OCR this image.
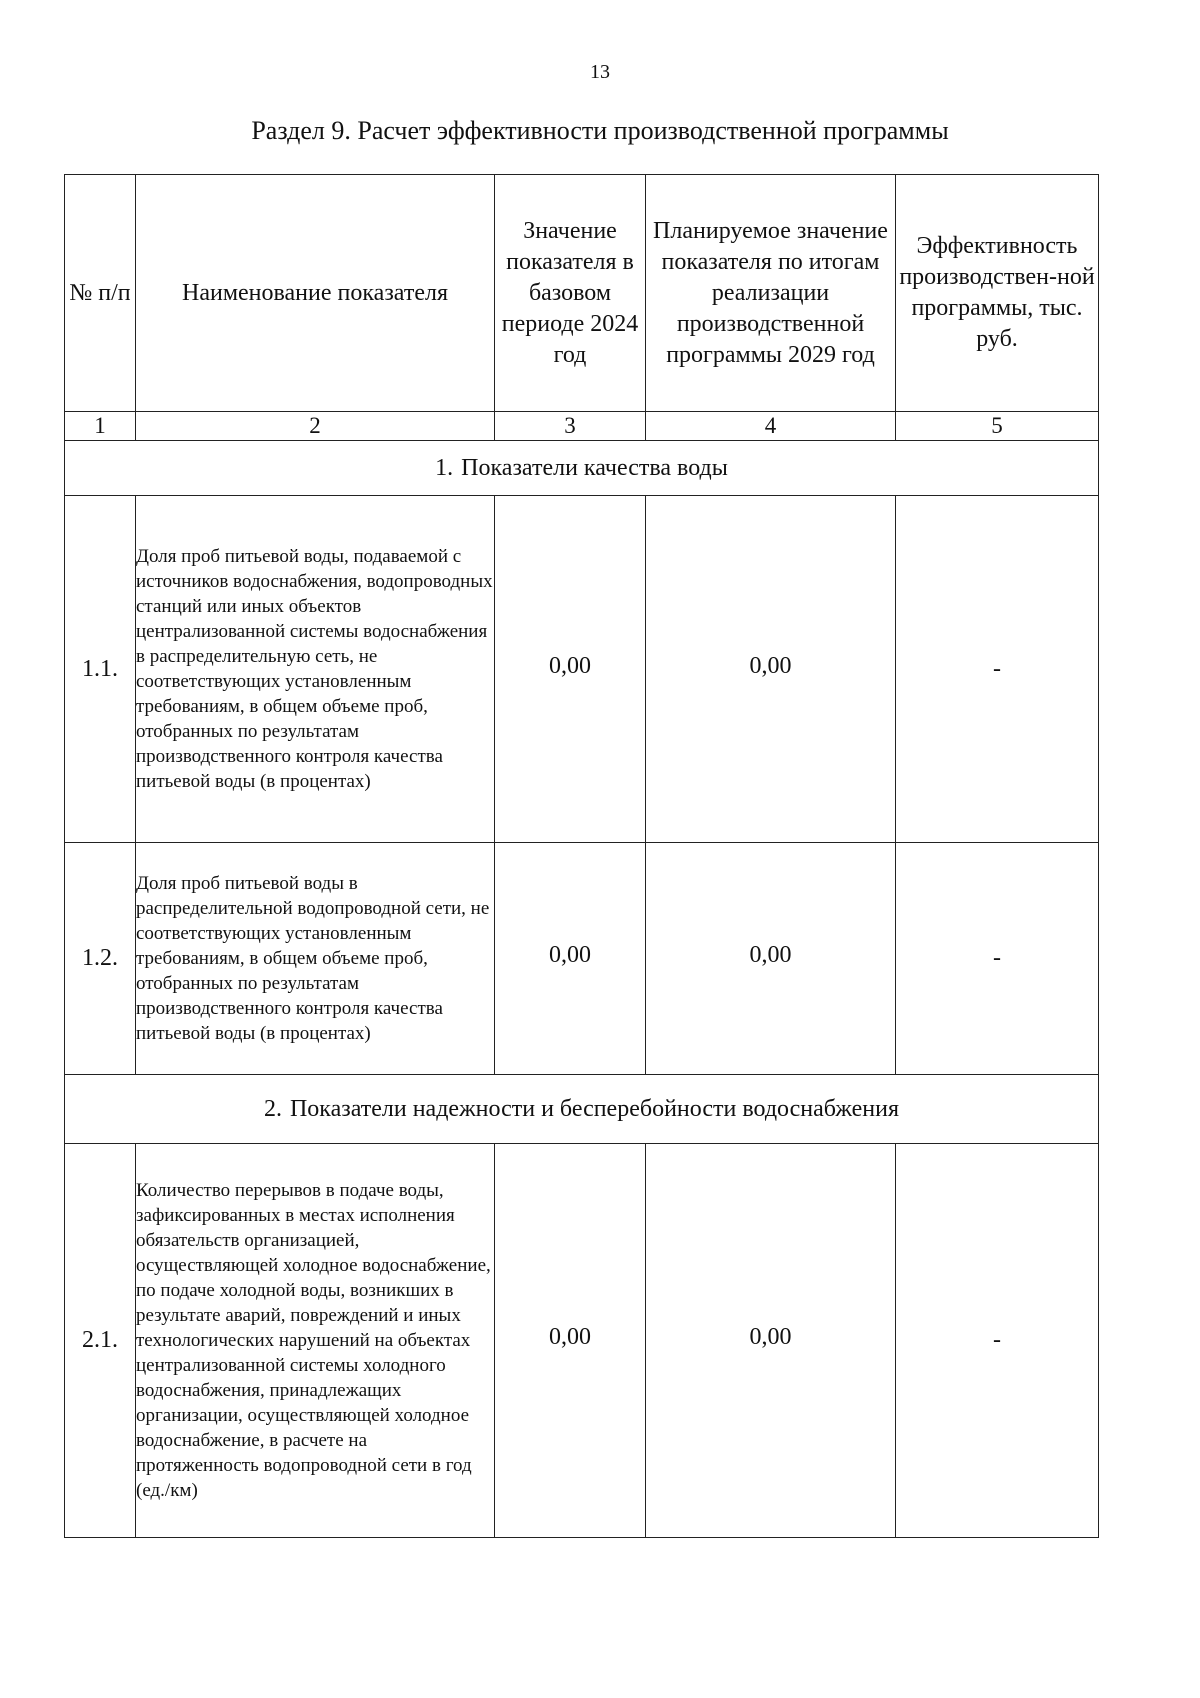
13
Раздел 9. Расчет эффективности производственной программы
№ п/п	Наименование показателя	Значение показателя в базовом периоде 2024 год	Планируемое значение показателя по итогам реализации производственной программы 2029 год	Эффективность производствен-ной программы, тыс. руб.
1	2	3	4	5
1. Показатели качества воды				
1.1.	Доля проб питьевой воды, подаваемой с источников водоснабжения, водопроводных станций или иных объектов централизованной системы водоснабжения в распределительную сеть, не соответствующих установленным требованиям, в общем объеме проб, отобранных по результатам производственного контроля качества питьевой воды (в процентах)	0,00	0,00	-
1.2.	Доля проб питьевой воды в распределительной водопроводной сети, не соответствующих установленным требованиям, в общем объеме проб, отобранных по результатам производственного контроля качества питьевой воды (в процентах)	0,00	0,00	-
2. Показатели надежности и бесперебойности водоснабжения				
2.1.	Количество перерывов в подаче воды, зафиксированных в местах исполнения обязательств организацией, осуществляющей холодное водоснабжение, по подаче холодной воды, возникших в результате аварий, повреждений и иных технологических нарушений на объектах централизованной системы холодного водоснабжения, принадлежащих организации, осуществляющей холодное водоснабжение, в расчете на протяженность водопроводной сети в год (ед./км)	0,00	0,00	-
